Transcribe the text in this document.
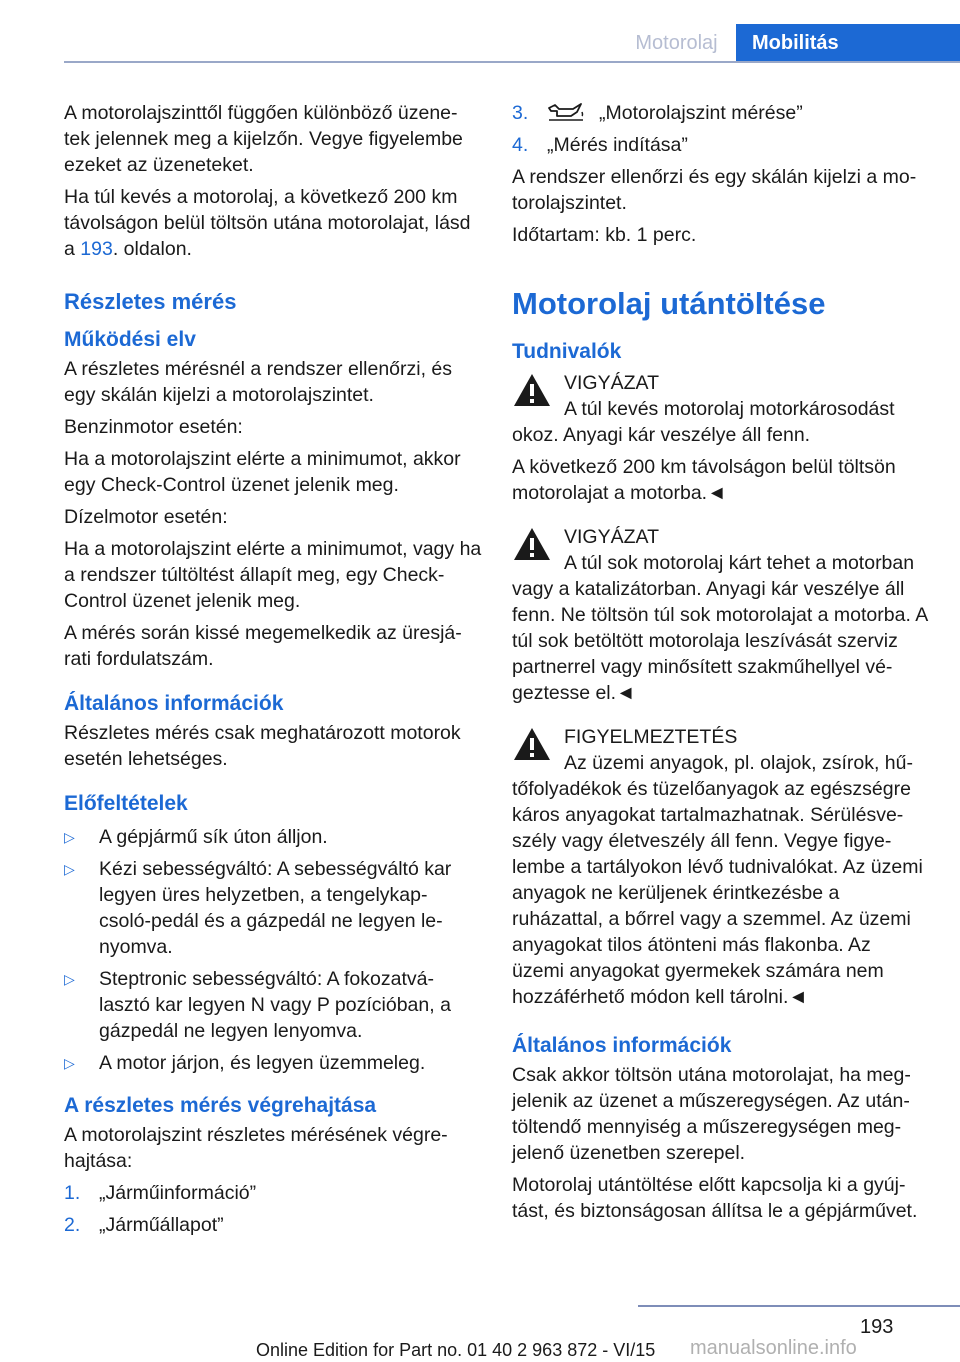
Motorolaj	Mobilitás

A motorolajszinttől függően különböző üzene‑ tek jelennek meg a kijelzőn. Vegye figyelembe ezeket az üzeneteket.

Ha túl kevés a motorolaj, a következő 200 km távolságon belül töltsön utána motorolajat, lásd a 193. oldalon.

Részletes mérés
Működési elv

A részletes mérésnél a rendszer ellenőrzi, és egy skálán kijelzi a motorolajszintet.

Benzinmotor esetén:

Ha a motorolajszint elérte a minimumot, akkor egy Check-Control üzenet jelenik meg.

Dízelmotor esetén:

Ha a motorolajszint elérte a minimumot, vagy ha a rendszer túltöltést állapít meg, egy Check-Control üzenet jelenik meg.

A mérés során kissé megemelkedik az üresjá‑ rati fordulatszám.

Általános információk

Részletes mérés csak meghatározott motorok esetén lehetséges.

Előfeltételek
▷ A gépjármű sík úton álljon.
▷ Kézi sebességváltó: A sebességváltó kar legyen üres helyzetben, a tengelykap‑ csoló-pedál és a gázpedál ne legyen le‑ nyomva.
▷ Steptronic sebességváltó: A fokozatvá‑ lasztó kar legyen N vagy P pozícióban, a gázpedál ne legyen lenyomva.
▷ A motor járjon, és legyen üzemmeleg.
A részletes mérés végrehajtása

A motorolajszint részletes mérésének végre‑ hajtása:

1. „Járműinformáció”
2. „Járműállapot”
3.	„Motorolajszint mérése”
4. „Mérés indítása”

A rendszer ellenőrzi és egy skálán kijelzi a mo‑ torolajszintet.

Időtartam: kb. 1 perc.

Motorolaj utántöltése
Tudnivalók
VIGYÁZAT
A túl kevés motorolaj motorkárosodást

okoz. Anyagi kár veszélye áll fenn.

A következő 200 km távolságon belül töltsön motorolajat a motorba.◄

VIGYÁZAT
A túl sok motorolaj kárt tehet a motorban

vagy a katalizátorban. Anyagi kár veszélye áll fenn. Ne töltsön túl sok motorolajat a motorba. A túl sok betöltött motorolaja leszívását szerviz partnerrel vagy minősített szakműhellyel vé‑ geztesse el.◄

FIGYELMEZTETÉS
Az üzemi anyagok, pl. olajok, zsírok, hű‑

tőfolyadékok és tüzelőanyagok az egészségre káros anyagokat tartalmazhatnak. Sérülésve‑ szély vagy életveszély áll fenn. Vegye figye‑ lembe a tartályokon lévő tudnivalókat. Az üzemi anyagok ne kerüljenek érintkezésbe a ruházattal, a bőrrel vagy a szemmel. Az üzemi anyagokat tilos átönteni más flakonba. Az üzemi anyagokat gyermekek számára nem hozzáférhető módon kell tárolni.◄

Általános információk

Csak akkor töltsön utána motorolajat, ha meg‑ jelenik az üzenet a műszeregységen. Az után‑ töltendő mennyiség a műszeregységen meg‑ jelenő üzenetben szerepel.

Motorolaj utántöltése előtt kapcsolja ki a gyúj‑ tást, és biztonságosan állítsa le a gépjárművet.

193
Online Edition for Part no. 01 40 2 963 872 - VI/15 manualsonline.info
